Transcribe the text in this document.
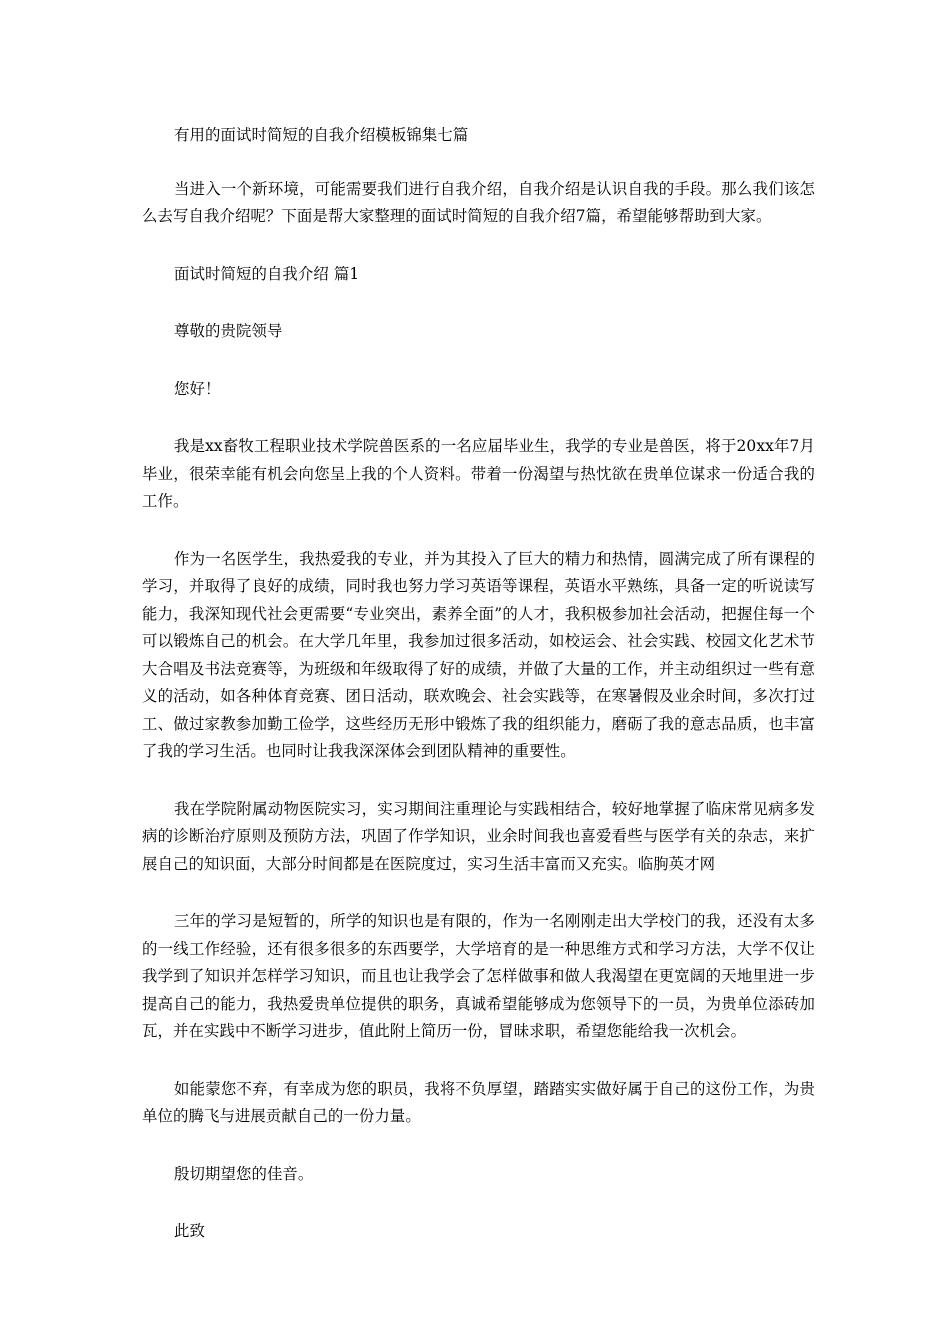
有用的面试时简短的自我介绍模板锦集七篇

当进入一个新环境，可能需要我们进行自我介绍，自我介绍是认识自我的手段。那么我们该怎么去写自我介绍呢？下面是帮大家整理的面试时简短的自我介绍7篇，希望能够帮助到大家。

面试时简短的自我介绍 篇1

尊敬的贵院领导

您好！

我是xx畜牧工程职业技术学院兽医系的一名应届毕业生，我学的专业是兽医，将于20xx年7月毕业，很荣幸能有机会向您呈上我的个人资料。带着一份渴望与热忱欲在贵单位谋求一份适合我的工作。

作为一名医学生，我热爱我的专业，并为其投入了巨大的精力和热情，圆满完成了所有课程的学习，并取得了良好的成绩，同时我也努力学习英语等课程，英语水平熟练，具备一定的听说读写能力，我深知现代社会更需要“专业突出，素养全面”的人才，我积极参加社会活动，把握住每一个可以锻炼自己的机会。在大学几年里，我参加过很多活动，如校运会、社会实践、校园文化艺术节大合唱及书法竞赛等，为班级和年级取得了好的成绩，并做了大量的工作，并主动组织过一些有意义的活动，如各种体育竞赛、团日活动，联欢晚会、社会实践等，在寒暑假及业余时间，多次打过工、做过家教参加勤工俭学，这些经历无形中锻炼了我的组织能力，磨砺了我的意志品质，也丰富了我的学习生活。也同时让我我深深体会到团队精神的重要性。

我在学院附属动物医院实习，实习期间注重理论与实践相结合，较好地掌握了临床常见病多发病的诊断治疗原则及预防方法，巩固了作学知识，业余时间我也喜爱看些与医学有关的杂志，来扩展自己的知识面，大部分时间都是在医院度过，实习生活丰富而又充实。临朐英才网

三年的学习是短暂的，所学的知识也是有限的，作为一名刚刚走出大学校门的我，还没有太多的一线工作经验，还有很多很多的东西要学，大学培育的是一种思维方式和学习方法，大学不仅让我学到了知识并怎样学习知识，而且也让我学会了怎样做事和做人我渴望在更宽阔的天地里进一步提高自己的能力，我热爱贵单位提供的职务，真诚希望能够成为您领导下的一员，为贵单位添砖加瓦，并在实践中不断学习进步，值此附上简历一份，冒昧求职，希望您能给我一次机会。

如能蒙您不弃，有幸成为您的职员，我将不负厚望，踏踏实实做好属于自己的这份工作，为贵单位的腾飞与进展贡献自己的一份力量。

殷切期望您的佳音。

此致
